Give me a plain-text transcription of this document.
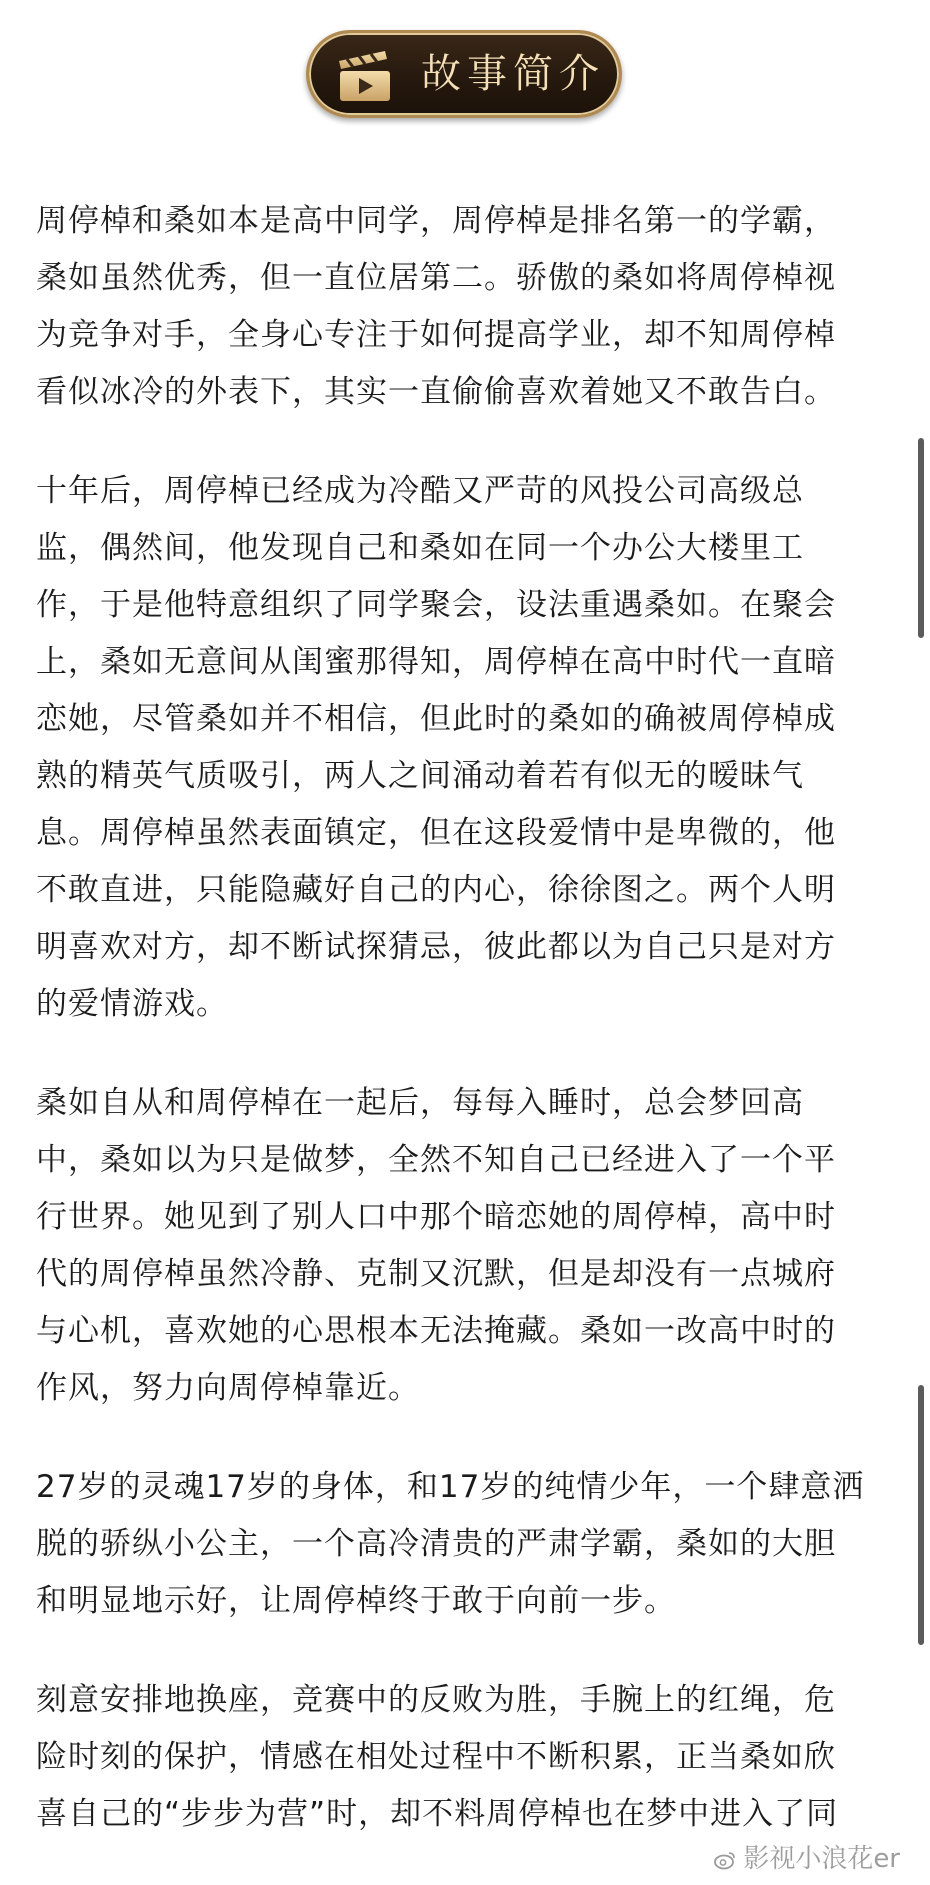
故事简介
周停棹和桑如本是高中同学，周停棹是排名第一的学霸，
桑如虽然优秀，但一直位居第二。骄傲的桑如将周停棹视
为竞争对手，全身心专注于如何提高学业，却不知周停棹
看似冰冷的外表下，其实一直偷偷喜欢着她又不敢告白。
十年后，周停棹已经成为冷酷又严苛的风投公司高级总
监，偶然间，他发现自己和桑如在同一个办公大楼里工
作，于是他特意组织了同学聚会，设法重遇桑如。在聚会
上，桑如无意间从闺蜜那得知，周停棹在高中时代一直暗
恋她，尽管桑如并不相信，但此时的桑如的确被周停棹成
熟的精英气质吸引，两人之间涌动着若有似无的暧昧气
息。周停棹虽然表面镇定，但在这段爱情中是卑微的，他
不敢直进，只能隐藏好自己的内心，徐徐图之。两个人明
明喜欢对方，却不断试探猜忌，彼此都以为自己只是对方
的爱情游戏。
桑如自从和周停棹在一起后，每每入睡时，总会梦回高
中，桑如以为只是做梦，全然不知自己已经进入了一个平
行世界。她见到了别人口中那个暗恋她的周停棹，高中时
代的周停棹虽然冷静、克制又沉默，但是却没有一点城府
与心机，喜欢她的心思根本无法掩藏。桑如一改高中时的
作风，努力向周停棹靠近。
27岁的灵魂17岁的身体，和17岁的纯情少年，一个肆意洒
脱的骄纵小公主，一个高冷清贵的严肃学霸，桑如的大胆
和明显地示好，让周停棹终于敢于向前一步。
刻意安排地换座，竞赛中的反败为胜，手腕上的红绳，危
险时刻的保护，情感在相处过程中不断积累，正当桑如欣
喜自己的“步步为营”时，却不料周停棹也在梦中进入了同
影视小浪花er
